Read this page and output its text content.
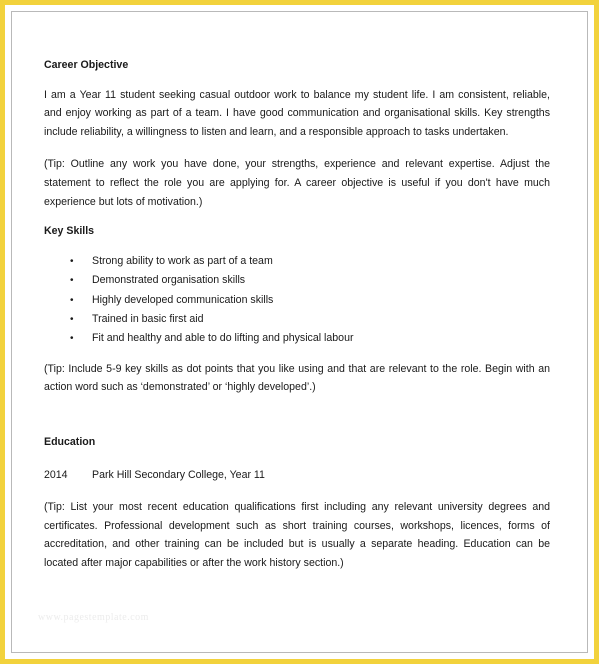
Career Objective

I am a Year 11 student seeking casual outdoor work to balance my student life. I am consistent, reliable, and enjoy working as part of a team. I have good communication and organisational skills. Key strengths include reliability, a willingness to listen and learn, and a responsible approach to tasks undertaken.

(Tip: Outline any work you have done, your strengths, experience and relevant expertise. Adjust the statement to reflect the role you are applying for. A career objective is useful if you don't have much experience but lots of motivation.)

Key Skills
• Strong ability to work as part of a team
• Demonstrated organisation skills
• Highly developed communication skills
• Trained in basic first aid
• Fit and healthy and able to do lifting and physical labour

(Tip: Include 5-9 key skills as dot points that you like using and that are relevant to the role. Begin with an action word such as ‘demonstrated’ or ‘highly developed’.)

Education
2014	Park Hill Secondary College, Year 11

(Tip: List your most recent education qualifications first including any relevant university degrees and certificates. Professional development such as short training courses, workshops, licences, forms of accreditation, and other training can be included but is usually a separate heading. Education can be located after major capabilities or after the work history section.)

www.pagestemplate.com
